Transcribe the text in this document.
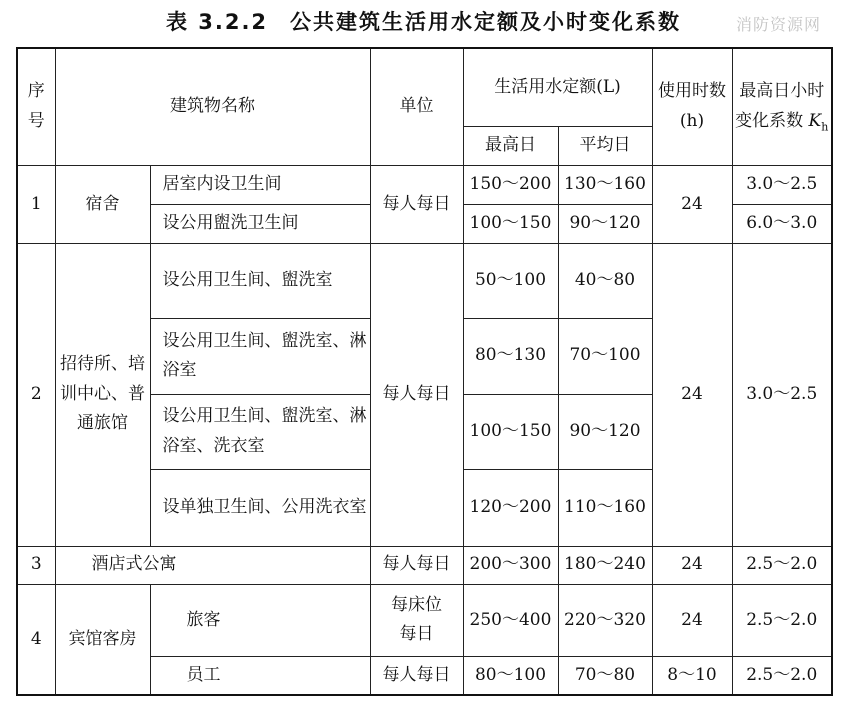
表 3.2.2 公共建筑生活用水定额及小时变化系数	消防资源网
序号	建筑物名称		单位	生活用水定额(L)		使用时数(h)	最高日小时变化系数 $K_h$
				最高日	平均日		
1	宿舍	居室内设卫生间	每人每日	150～200	130～160	24	3.0～2.5
		设公用盥洗卫生间		100～150	90～120		6.0～3.0
2	招待所、培训中心、普通旅馆	设公用卫生间、盥洗室	每人每日	50～100	40～80	24	3.0～2.5
		设公用卫生间、盥洗室、淋浴室		80～130	70～100		
		设公用卫生间、盥洗室、淋浴室、洗衣室		100～150	90～120		
		设单独卫生间、公用洗衣室		120～200	110～160		
3	酒店式公寓		每人每日	200～300	180～240	24	2.5～2.0
4	宾馆客房	旅客	每床位每日	250～400	220～320	24	2.5～2.0
		员工	每人每日	80～100	70～80	8～10	2.5～2.0
